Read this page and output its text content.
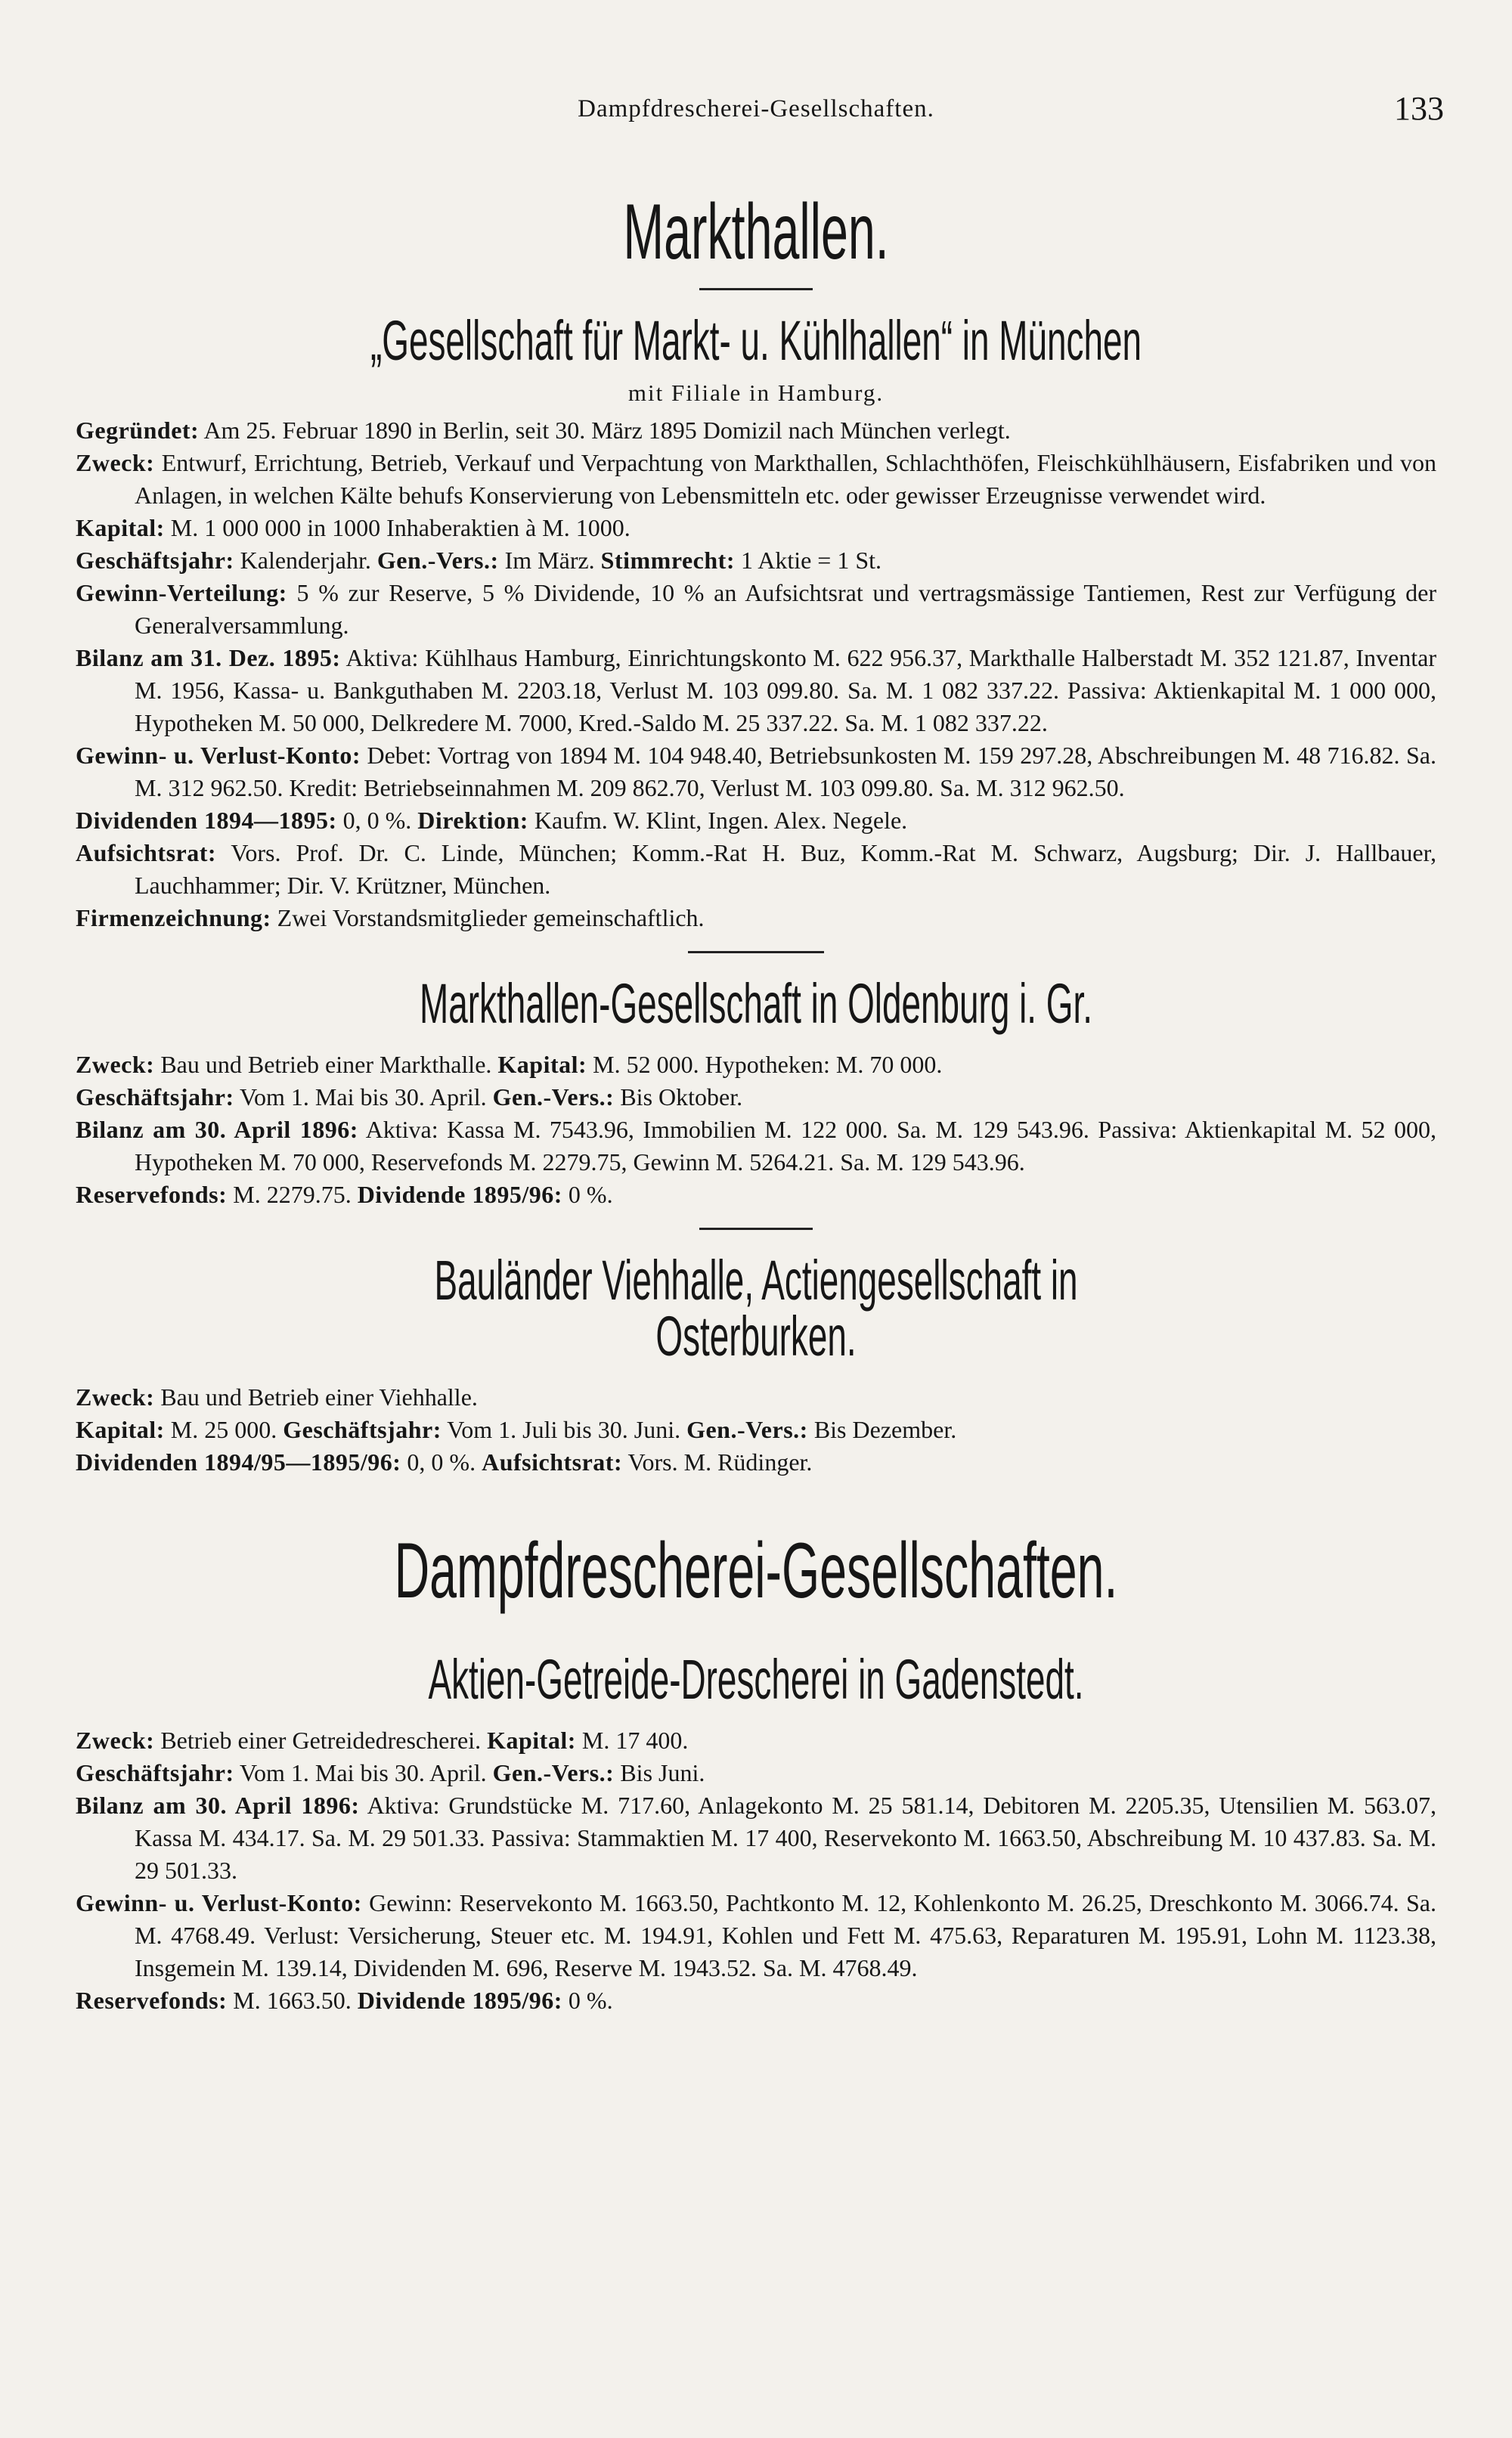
Dampfdrescherei-Gesellschaften.	133
Markthallen.
„Gesellschaft für Markt- u. Kühlhallen“ in München
mit Filiale in Hamburg.

Gegründet: Am 25. Februar 1890 in Berlin, seit 30. März 1895 Domizil nach München verlegt.

Zweck: Entwurf, Errichtung, Betrieb, Verkauf und Verpachtung von Markthallen, Schlachthöfen, Fleischkühlhäusern, Eisfabriken und von Anlagen, in welchen Kälte behufs Konservierung von Lebensmitteln etc. oder gewisser Erzeugnisse verwendet wird.

Kapital: M. 1 000 000 in 1000 Inhaberaktien à M. 1000.

Geschäftsjahr: Kalenderjahr. Gen.-Vers.: Im März. Stimmrecht: 1 Aktie = 1 St.

Gewinn-Verteilung: 5 % zur Reserve, 5 % Dividende, 10 % an Aufsichtsrat und vertragsmässige Tantiemen, Rest zur Verfügung der Generalversammlung.

Bilanz am 31. Dez. 1895: Aktiva: Kühlhaus Hamburg, Einrichtungskonto M. 622 956.37, Markthalle Halberstadt M. 352 121.87, Inventar M. 1956, Kassa- u. Bankguthaben M. 2203.18, Verlust M. 103 099.80. Sa. M. 1 082 337.22. Passiva: Aktienkapital M. 1 000 000, Hypotheken M. 50 000, Delkredere M. 7000, Kred.-Saldo M. 25 337.22. Sa. M. 1 082 337.22.

Gewinn- u. Verlust-Konto: Debet: Vortrag von 1894 M. 104 948.40, Betriebsunkosten M. 159 297.28, Abschreibungen M. 48 716.82. Sa. M. 312 962.50. Kredit: Betriebseinnahmen M. 209 862.70, Verlust M. 103 099.80. Sa. M. 312 962.50.

Dividenden 1894—1895: 0, 0 %. Direktion: Kaufm. W. Klint, Ingen. Alex. Negele.

Aufsichtsrat: Vors. Prof. Dr. C. Linde, München; Komm.-Rat H. Buz, Komm.-Rat M. Schwarz, Augsburg; Dir. J. Hallbauer, Lauchhammer; Dir. V. Krützner, München.

Firmenzeichnung: Zwei Vorstandsmitglieder gemeinschaftlich.

Markthallen-Gesellschaft in Oldenburg i. Gr.

Zweck: Bau und Betrieb einer Markthalle. Kapital: M. 52 000. Hypotheken: M. 70 000.

Geschäftsjahr: Vom 1. Mai bis 30. April. Gen.-Vers.: Bis Oktober.

Bilanz am 30. April 1896: Aktiva: Kassa M. 7543.96, Immobilien M. 122 000. Sa. M. 129 543.96. Passiva: Aktienkapital M. 52 000, Hypotheken M. 70 000, Reservefonds M. 2279.75, Gewinn M. 5264.21. Sa. M. 129 543.96.

Reservefonds: M. 2279.75. Dividende 1895/96: 0 %.

Bauländer Viehhalle, Actiengesellschaft in Osterburken.

Zweck: Bau und Betrieb einer Viehhalle.

Kapital: M. 25 000. Geschäftsjahr: Vom 1. Juli bis 30. Juni. Gen.-Vers.: Bis Dezember.

Dividenden 1894/95—1895/96: 0, 0 %. Aufsichtsrat: Vors. M. Rüdinger.

Dampfdrescherei-Gesellschaften.
Aktien-Getreide-Drescherei in Gadenstedt.

Zweck: Betrieb einer Getreidedrescherei. Kapital: M. 17 400.

Geschäftsjahr: Vom 1. Mai bis 30. April. Gen.-Vers.: Bis Juni.

Bilanz am 30. April 1896: Aktiva: Grundstücke M. 717.60, Anlagekonto M. 25 581.14, Debitoren M. 2205.35, Utensilien M. 563.07, Kassa M. 434.17. Sa. M. 29 501.33. Passiva: Stammaktien M. 17 400, Reservekonto M. 1663.50, Abschreibung M. 10 437.83. Sa. M. 29 501.33.

Gewinn- u. Verlust-Konto: Gewinn: Reservekonto M. 1663.50, Pachtkonto M. 12, Kohlenkonto M. 26.25, Dreschkonto M. 3066.74. Sa. M. 4768.49. Verlust: Versicherung, Steuer etc. M. 194.91, Kohlen und Fett M. 475.63, Reparaturen M. 195.91, Lohn M. 1123.38, Insgemein M. 139.14, Dividenden M. 696, Reserve M. 1943.52. Sa. M. 4768.49.

Reservefonds: M. 1663.50. Dividende 1895/96: 0 %.
